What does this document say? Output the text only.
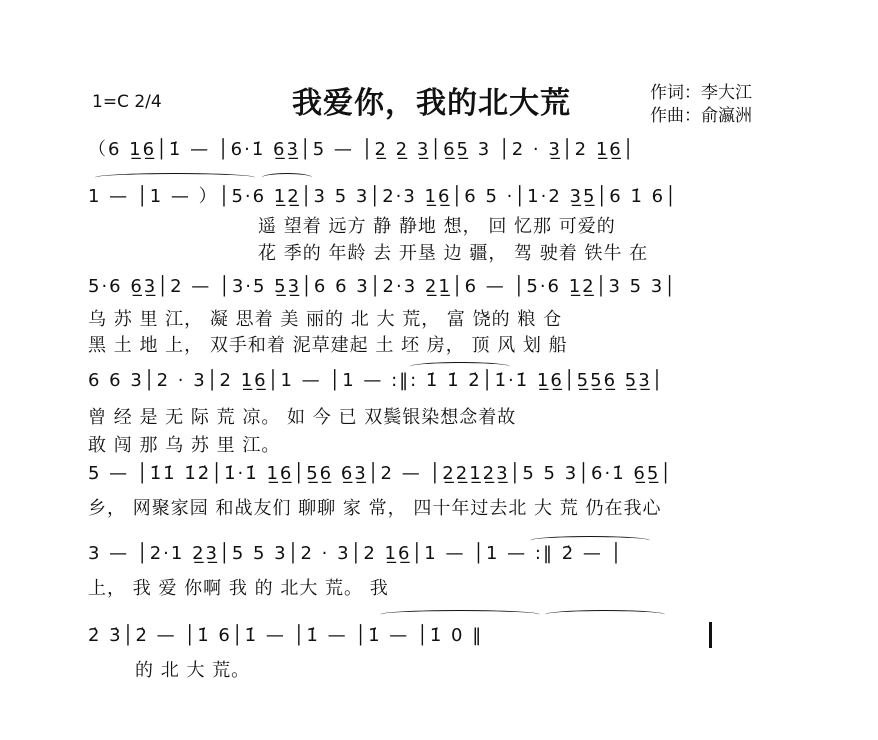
1=C 2/4	我爱你，我的北大荒	作词：李大江
作曲：俞瀛洲
（6 1̲6̲│1̇ — │6·1̇ 6̲3̲│5 — │2̲ 2̲ 3̲│6̲5̲ 3 │2 · 3̲│2 1̲6̲│
1 — │1 — ）│5·6 1̲2̲│3 5 3│2·3 1̲6̲│6 5 ·│1·2 3̲5̲│6 1̇ 6│
遥 望着 远方 静 静地 想， 回 忆那 可爱的
花 季的 年龄 去 开垦 边 疆， 驾 驶着 铁牛 在
5·6 6̲3̲│2 — │3·5 5̲3̲│6 6 3│2·3 2̲1̲│6 — │5·6 1̲2̲│3 5 3│
乌 苏 里 江， 凝 思着 美 丽的 北 大 荒， 富 饶的 粮 仓
黑 土 地 上， 双手和着 泥草建起 土 坯 房， 顶 风 划 船
6 6 3│2 · 3│2 1̲6̲│1 — │1 — :‖: 1̇ 1̇ 2̇│1̇·1̇ 1̲6̲│5̲5̲6̲ 5̲3̲│
曾 经 是 无 际 荒 凉。 如 今 已 双鬓银染想念着故
敢 闯 那 乌 苏 里 江。
5 — │1̇1̇ 1̇2̇│1̇·1̇ 1̲6̲│5̲6̲ 6̲3̲│2 — │2̲2̲1̲2̲3̲│5 5 3│6·1̇ 6̲5̲│
乡， 网聚家园 和战友们 聊聊 家 常， 四十年过去北 大 荒 仍在我心
3 — │2·1 2̲3̲│5 5 3│2 · 3│2 1̲6̲│1 — │1 — :‖ 2̇ — │
上， 我 爱 你啊 我 的 北大 荒。 我
2̇ 3̇│2̇ — │1̇ 6│1̇ — │1̇ — │1̇ — │1̇ 0 ‖
的 北 大 荒。
